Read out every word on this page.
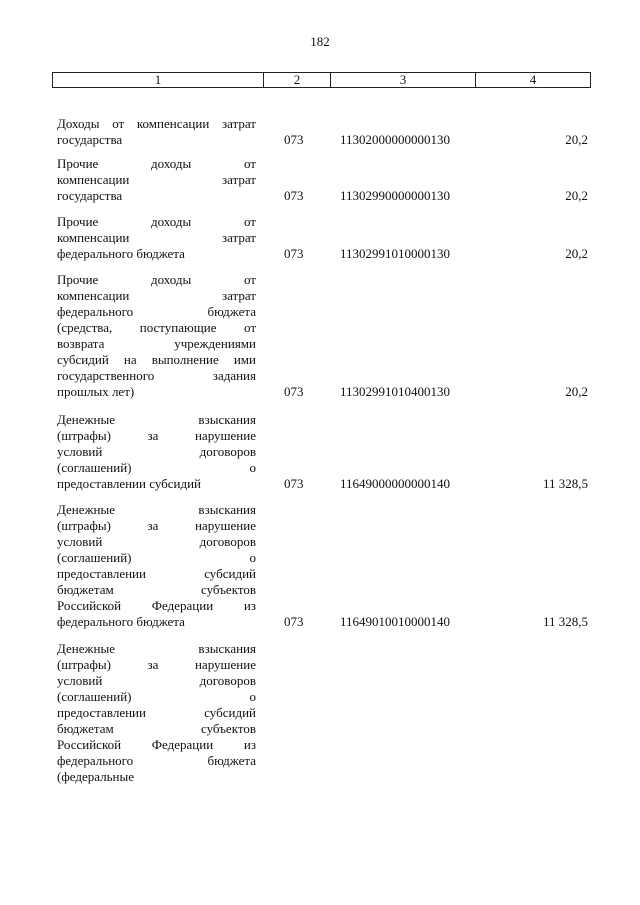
182
1	2	3	4
Доходы от компенсации затрат
государства	073	11302000000000130	20,2
Прочие доходы от
компенсации затрат
государства	073	11302990000000130	20,2
Прочие доходы от
компенсации затрат
федерального бюджета	073	11302991010000130	20,2
Прочие доходы от
компенсации затрат
федерального бюджета
(средства, поступающие от
возврата учреждениями
субсидий на выполнение ими
государственного задания
прошлых лет)	073	11302991010400130	20,2
Денежные взыскания
(штрафы) за нарушение
условий договоров
(соглашений) о
предоставлении субсидий	073	11649000000000140	11 328,5
Денежные взыскания
(штрафы) за нарушение
условий договоров
(соглашений) о
предоставлении субсидий
бюджетам субъектов
Российской Федерации из
федерального бюджета	073	11649010010000140	11 328,5
Денежные взыскания
(штрафы) за нарушение
условий договоров
(соглашений) о
предоставлении субсидий
бюджетам субъектов
Российской Федерации из
федерального бюджета
(федеральные
